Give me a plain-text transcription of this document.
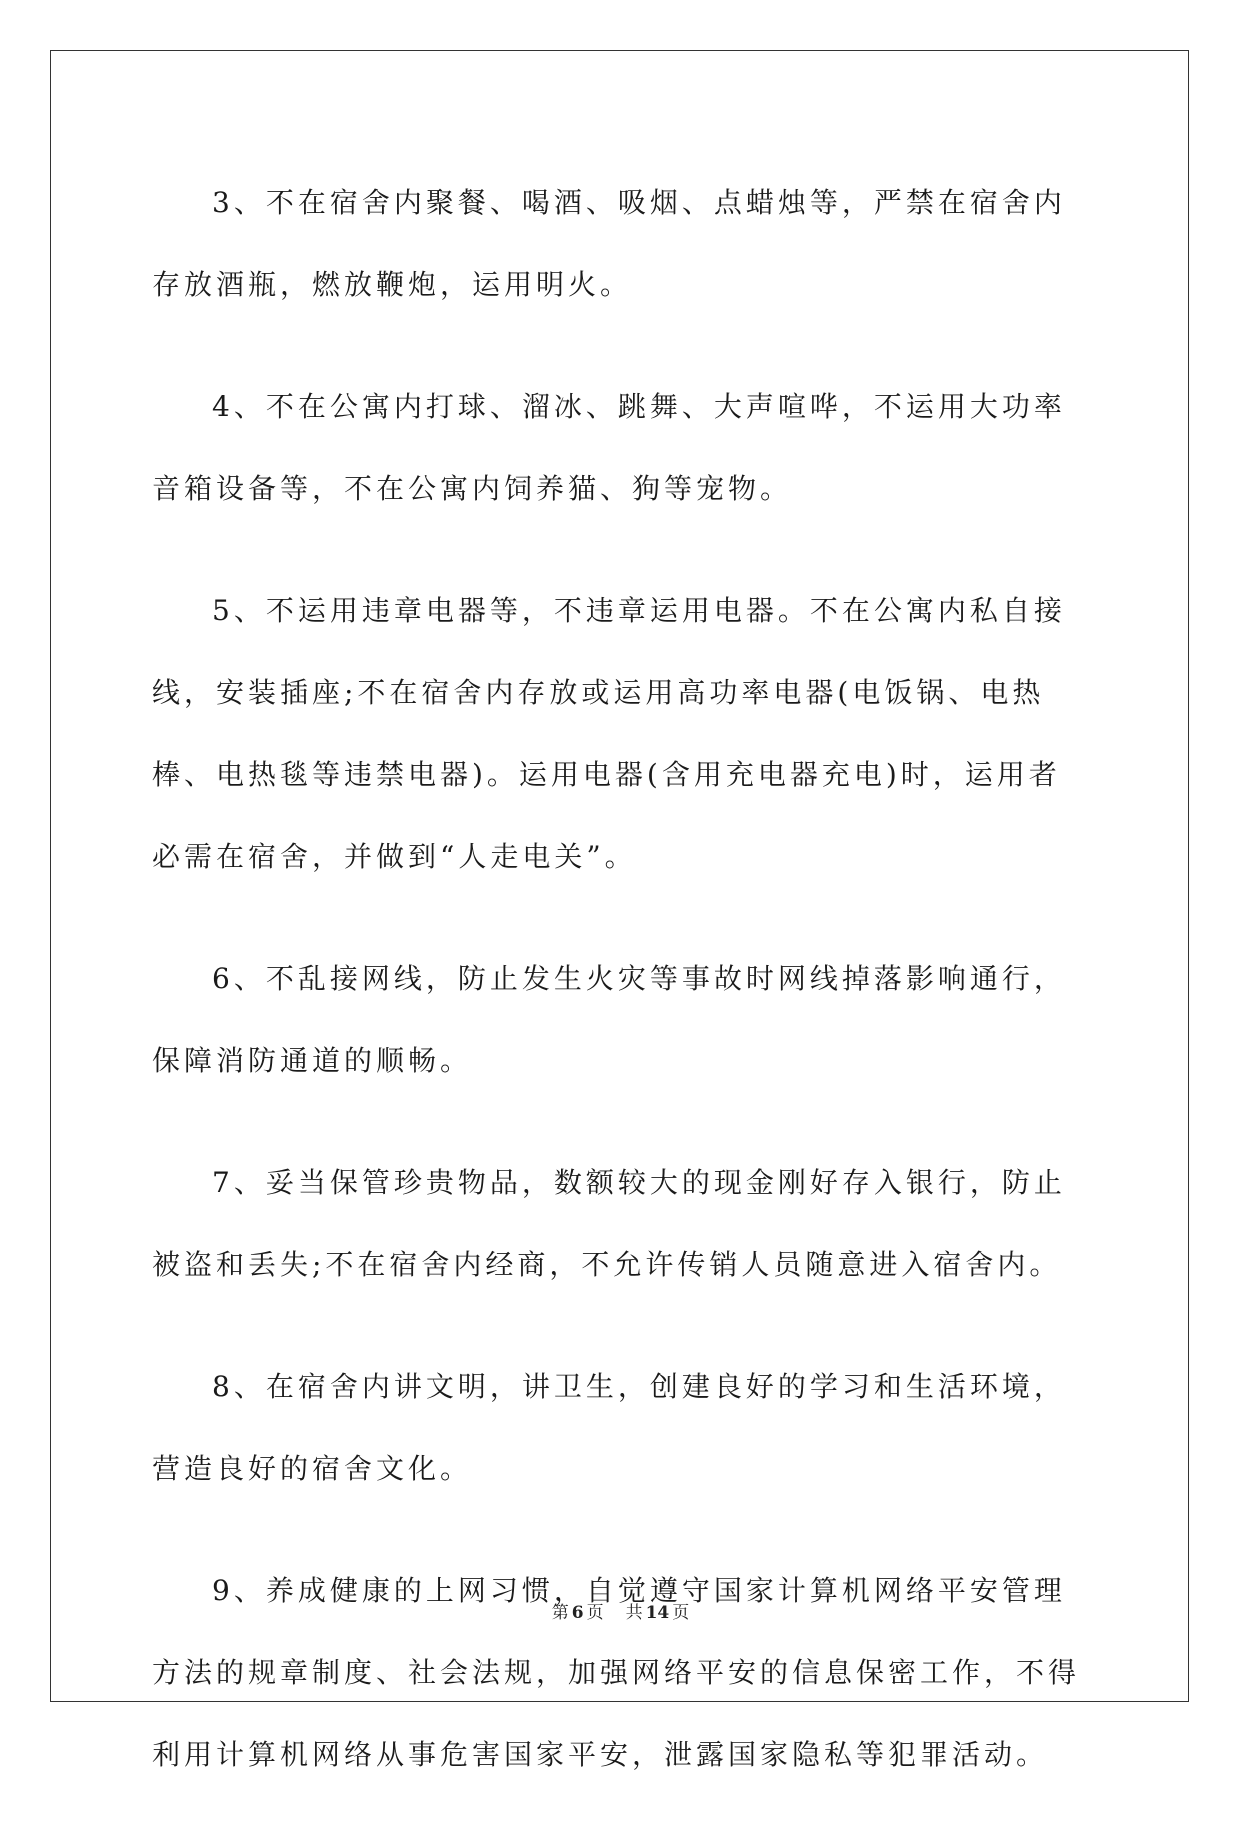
3、不在宿舍内聚餐、喝酒、吸烟、点蜡烛等，严禁在宿舍内存放酒瓶，燃放鞭炮，运用明火。

4、不在公寓内打球、溜冰、跳舞、大声喧哗，不运用大功率音箱设备等，不在公寓内饲养猫、狗等宠物。

5、不运用违章电器等，不违章运用电器。不在公寓内私自接线，安装插座;不在宿舍内存放或运用高功率电器(电饭锅、电热棒、电热毯等违禁电器)。运用电器(含用充电器充电)时，运用者必需在宿舍，并做到“人走电关”。

6、不乱接网线，防止发生火灾等事故时网线掉落影响通行，保障消防通道的顺畅。

7、妥当保管珍贵物品，数额较大的现金刚好存入银行，防止被盗和丢失;不在宿舍内经商，不允许传销人员随意进入宿舍内。

8、在宿舍内讲文明，讲卫生，创建良好的学习和生活环境，营造良好的宿舍文化。

9、养成健康的上网习惯，自觉遵守国家计算机网络平安管理方法的规章制度、社会法规，加强网络平安的信息保密工作，不得利用计算机网络从事危害国家平安，泄露国家隐私等犯罪活动。

第 6 页 共 14 页
